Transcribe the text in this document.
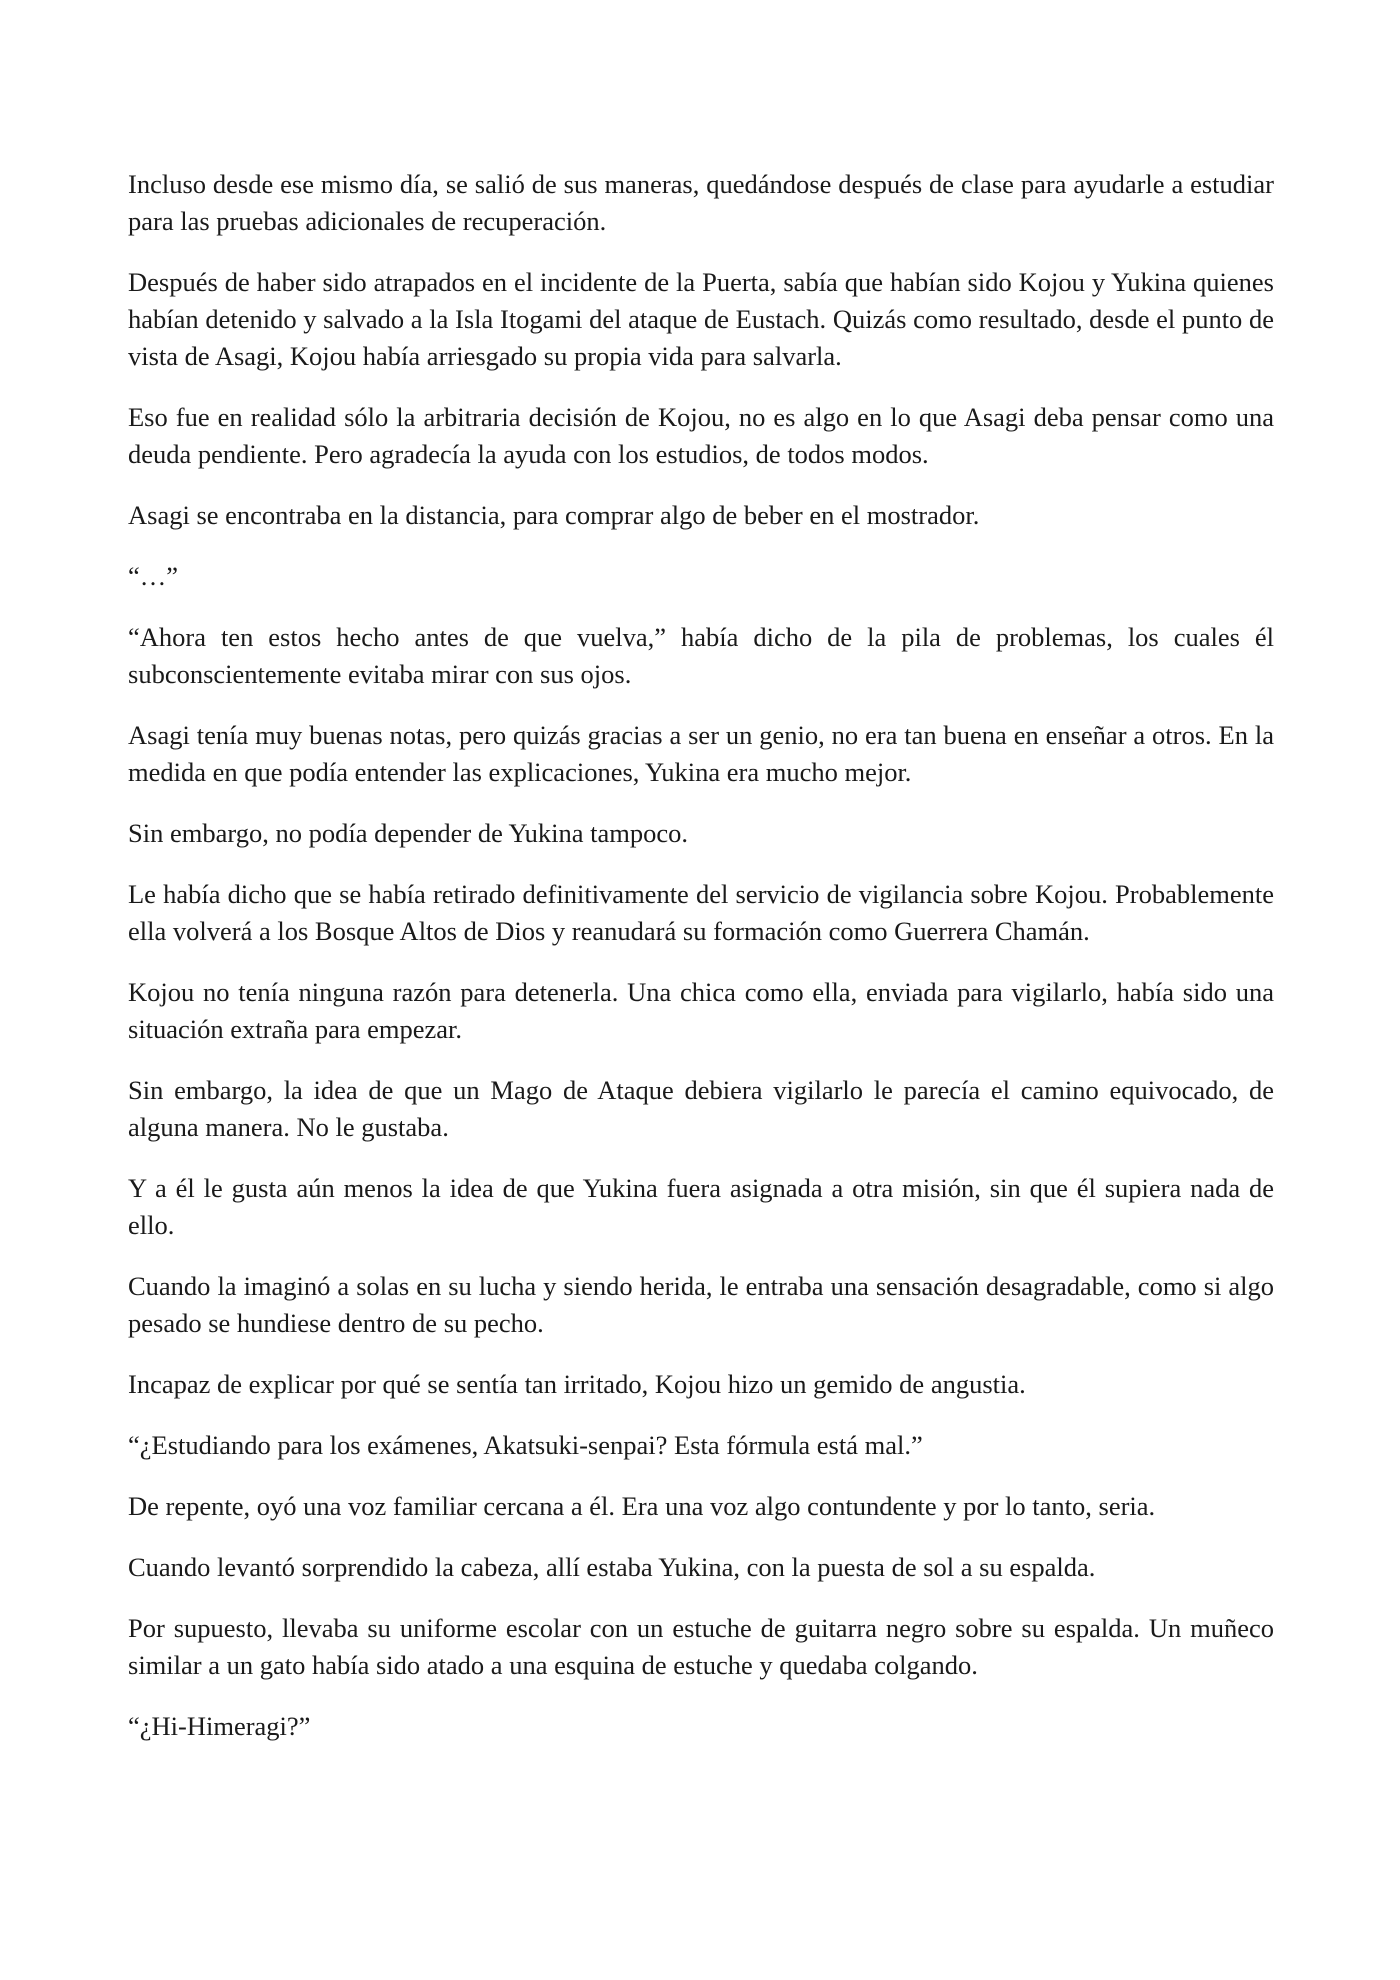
Incluso desde ese mismo día, se salió de sus maneras, quedándose después de clase para ayudarle a estudiar para las pruebas adicionales de recuperación.

Después de haber sido atrapados en el incidente de la Puerta, sabía que habían sido Kojou y Yukina quienes habían detenido y salvado a la Isla Itogami del ataque de Eustach. Quizás como resultado, desde el punto de vista de Asagi, Kojou había arriesgado su propia vida para salvarla.

Eso fue en realidad sólo la arbitraria decisión de Kojou, no es algo en lo que Asagi deba pensar como una deuda pendiente. Pero agradecía la ayuda con los estudios, de todos modos.

Asagi se encontraba en la distancia, para comprar algo de beber en el mostrador.

“…”

“Ahora ten estos hecho antes de que vuelva,” había dicho de la pila de problemas, los cuales él subconscientemente evitaba mirar con sus ojos.

Asagi tenía muy buenas notas, pero quizás gracias a ser un genio, no era tan buena en enseñar a otros. En la medida en que podía entender las explicaciones, Yukina era mucho mejor.

Sin embargo, no podía depender de Yukina tampoco.

Le había dicho que se había retirado definitivamente del servicio de vigilancia sobre Kojou. Probablemente ella volverá a los Bosque Altos de Dios y reanudará su formación como Guerrera Chamán.

Kojou no tenía ninguna razón para detenerla. Una chica como ella, enviada para vigilarlo, había sido una situación extraña para empezar.

Sin embargo, la idea de que un Mago de Ataque debiera vigilarlo le parecía el camino equivocado, de alguna manera. No le gustaba.

Y a él le gusta aún menos la idea de que Yukina fuera asignada a otra misión, sin que él supiera nada de ello.

Cuando la imaginó a solas en su lucha y siendo herida, le entraba una sensación desagradable, como si algo pesado se hundiese dentro de su pecho.

Incapaz de explicar por qué se sentía tan irritado, Kojou hizo un gemido de angustia.

“¿Estudiando para los exámenes, Akatsuki-senpai? Esta fórmula está mal.”

De repente, oyó una voz familiar cercana a él. Era una voz algo contundente y por lo tanto, seria.

Cuando levantó sorprendido la cabeza, allí estaba Yukina, con la puesta de sol a su espalda.

Por supuesto, llevaba su uniforme escolar con un estuche de guitarra negro sobre su espalda. Un muñeco similar a un gato había sido atado a una esquina de estuche y quedaba colgando.

“¿Hi-Himeragi?”
